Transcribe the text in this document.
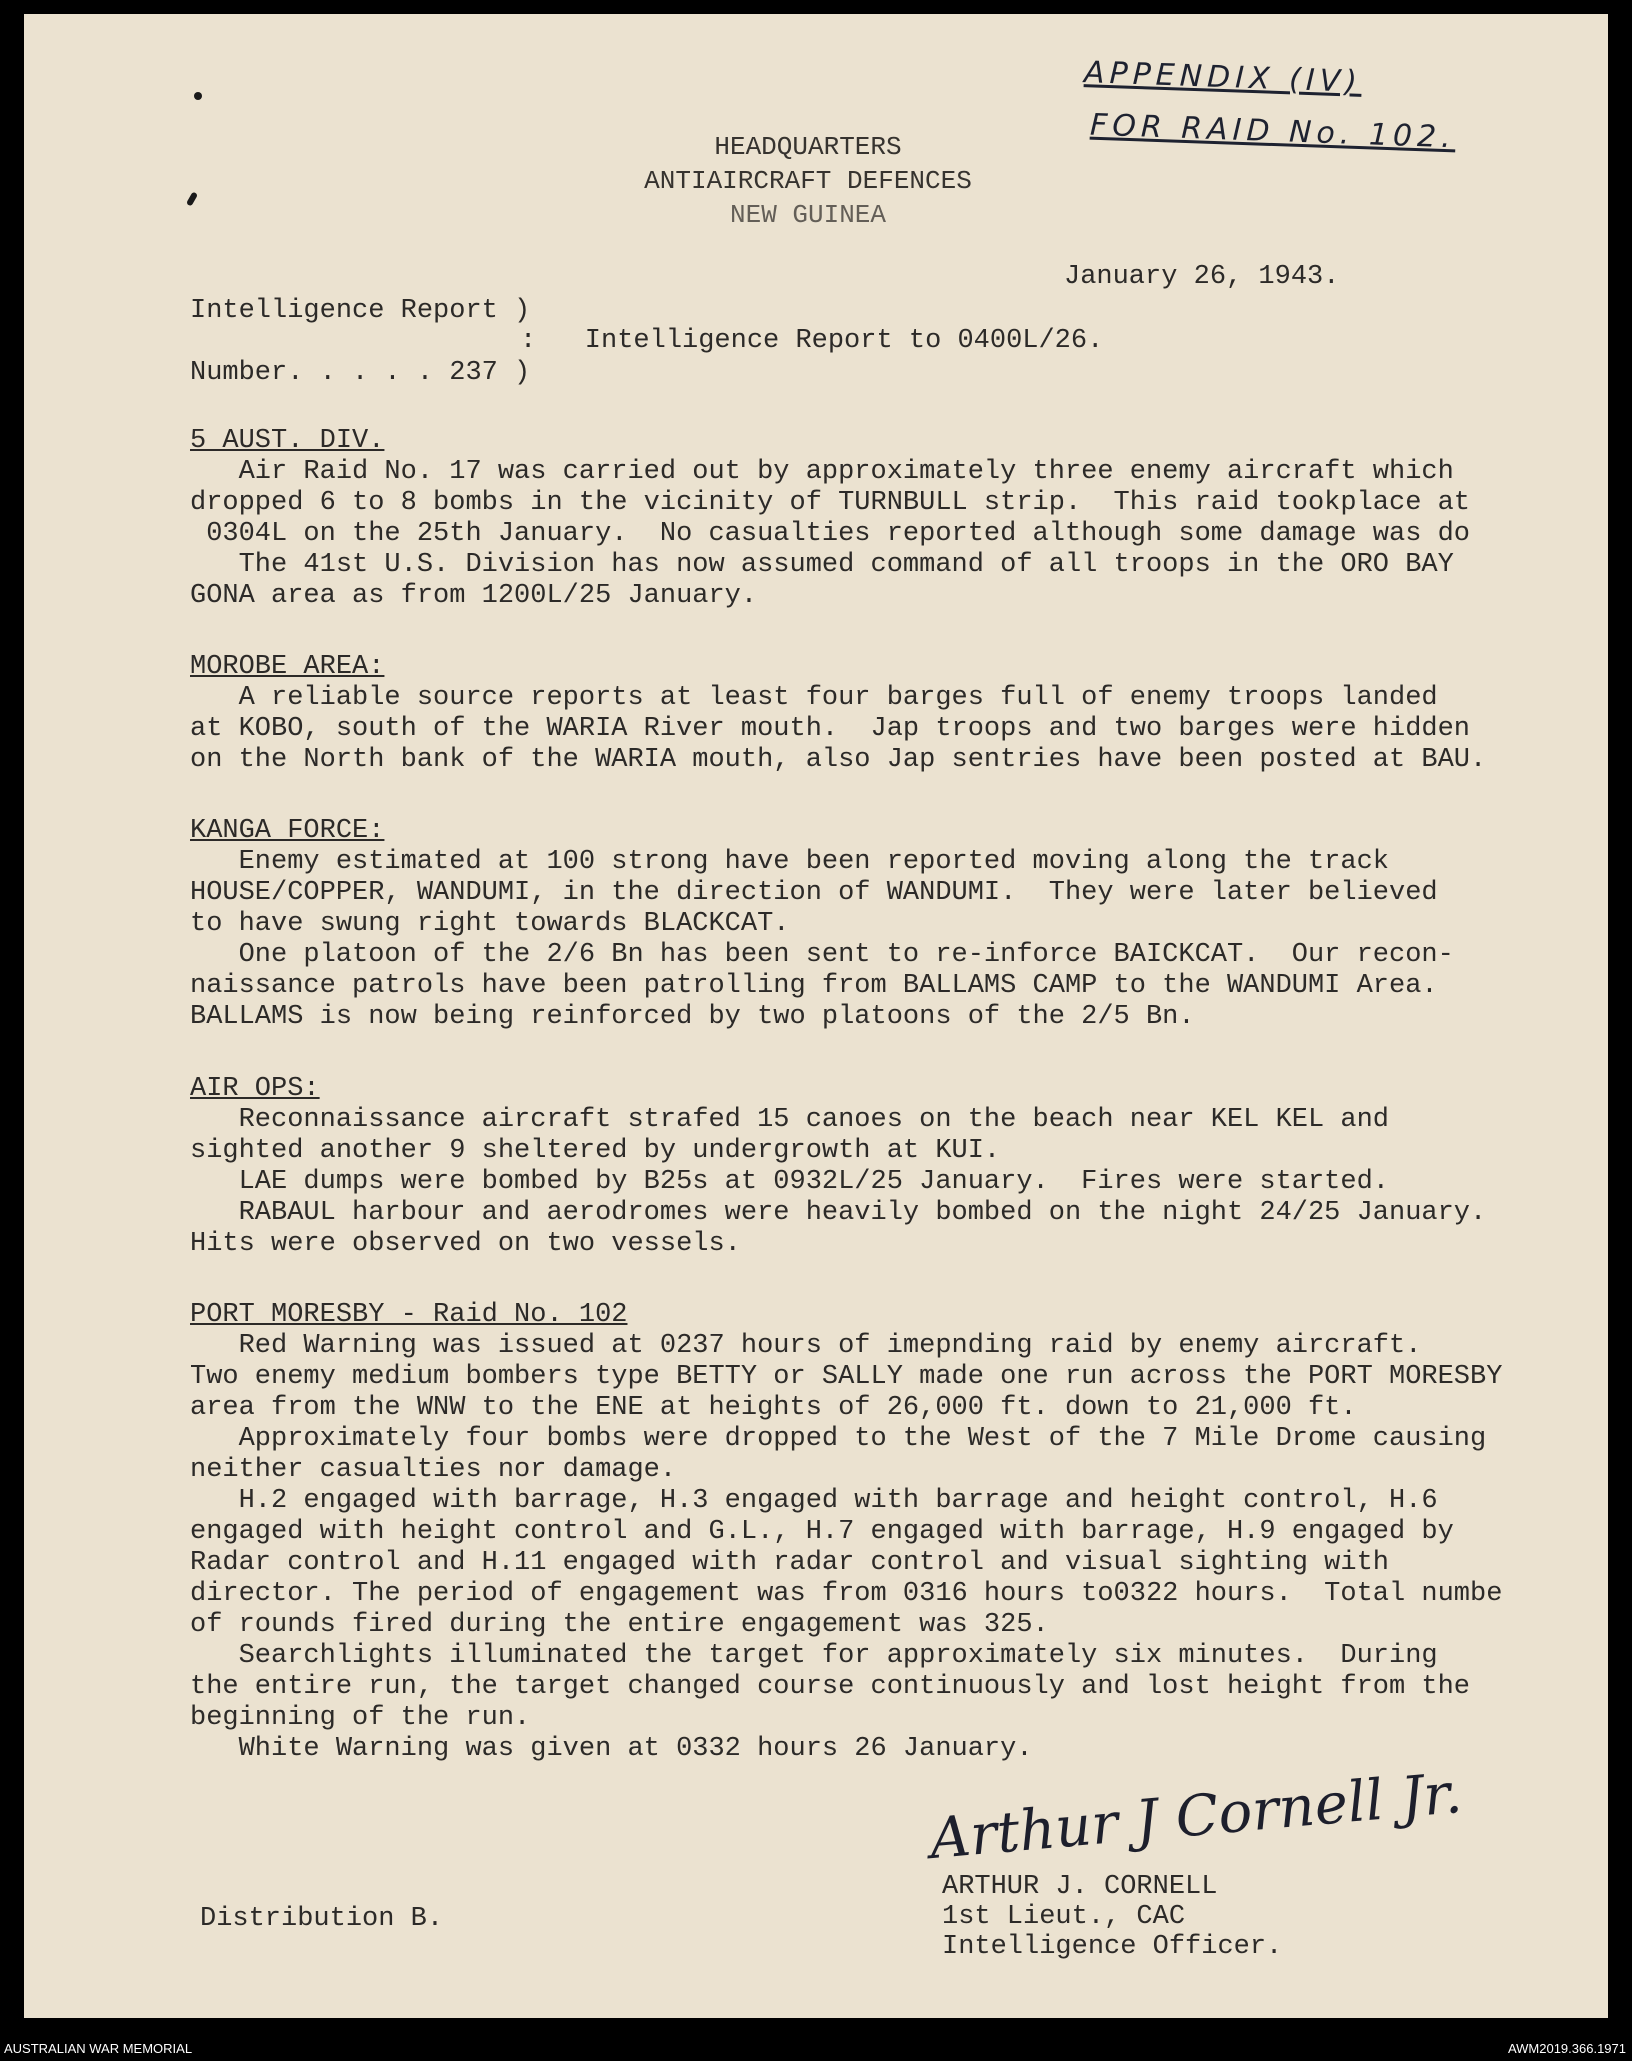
APPENDIX (IV)
FOR RAID No. 102.
HEADQUARTERS
ANTIAIRCRAFT DEFENCES
NEW GUINEA
January 26, 1943.
Intelligence Report )
:   Intelligence Report to 0400L/26.
Number. . . . . 237 )
5 AUST. DIV.

Air Raid No. 17 was carried out by approximately three enemy aircraft which

dropped 6 to 8 bombs in the vicinity of TURNBULL strip.  This raid tookplace at

0304L on the 25th January.  No casualties reported although some damage was do

The 41st U.S. Division has now assumed command of all troops in the ORO BAY

GONA area as from 1200L/25 January.

MOROBE AREA:

A reliable source reports at least four barges full of enemy troops landed

at KOBO, south of the WARIA River mouth.  Jap troops and two barges were hidden

on the North bank of the WARIA mouth, also Jap sentries have been posted at BAU.

KANGA FORCE:

Enemy estimated at 100 strong have been reported moving along the track

HOUSE/COPPER, WANDUMI, in the direction of WANDUMI.  They were later believed

to have swung right towards BLACKCAT.

One platoon of the 2/6 Bn has been sent to re-inforce BAICKCAT.  Our recon-

naissance patrols have been patrolling from BALLAMS CAMP to the WANDUMI Area.

BALLAMS is now being reinforced by two platoons of the 2/5 Bn.

AIR OPS:

Reconnaissance aircraft strafed 15 canoes on the beach near KEL KEL and

sighted another 9 sheltered by undergrowth at KUI.

LAE dumps were bombed by B25s at 0932L/25 January.  Fires were started.

RABAUL harbour and aerodromes were heavily bombed on the night 24/25 January.

Hits were observed on two vessels.

PORT MORESBY - Raid No. 102

Red Warning was issued at 0237 hours of imepnding raid by enemy aircraft.

Two enemy medium bombers type BETTY or SALLY made one run across the PORT MORESBY

area from the WNW to the ENE at heights of 26,000 ft. down to 21,000 ft.

Approximately four bombs were dropped to the West of the 7 Mile Drome causing

neither casualties nor damage.

H.2 engaged with barrage, H.3 engaged with barrage and height control, H.6

engaged with height control and G.L., H.7 engaged with barrage, H.9 engaged by

Radar control and H.11 engaged with radar control and visual sighting with

director. The period of engagement was from 0316 hours to0322 hours.  Total numbe

of rounds fired during the entire engagement was 325.

Searchlights illuminated the target for approximately six minutes.  During

the entire run, the target changed course continuously and lost height from the

beginning of the run.

White Warning was given at 0332 hours 26 January.

Arthur J Cornell Jr.
ARTHUR J. CORNELL
1st Lieut., CAC
Intelligence Officer.
Distribution B.
AUSTRALIAN WAR MEMORIAL	AWM2019.366.1971
